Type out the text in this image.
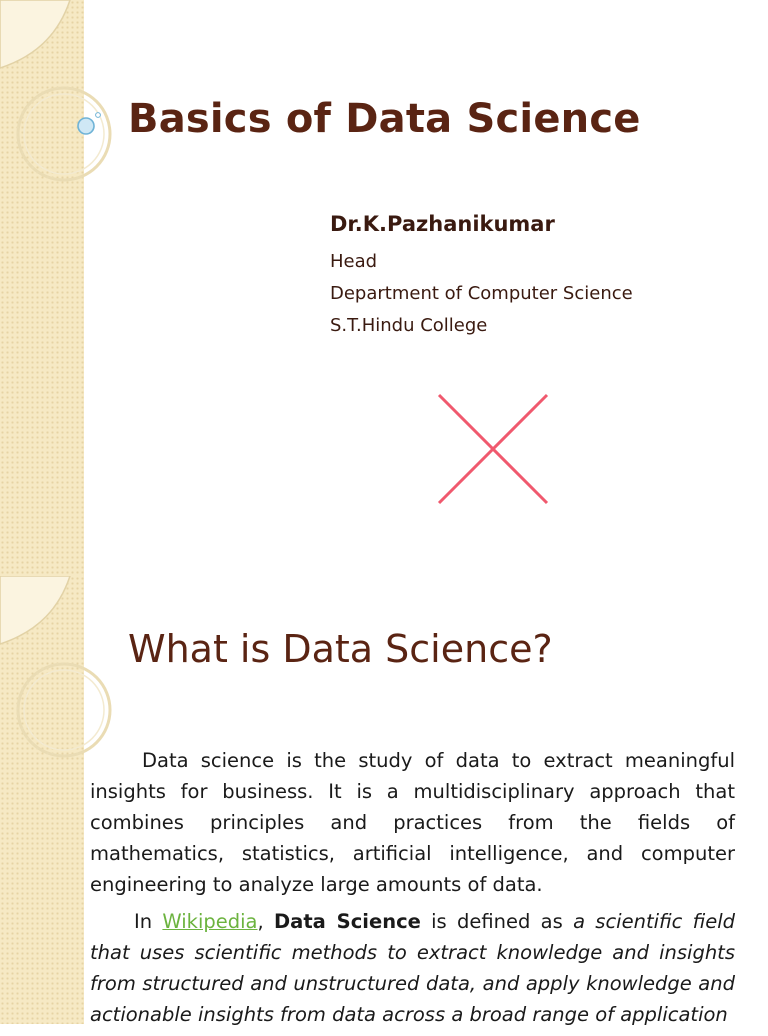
Basics of Data Science
Dr.K.Pazhanikumar
Head
Department of Computer Science
S.T.Hindu College
What is Data Science?

Data science is the study of data to extract meaningful insights for business. It is a multidisciplinary approach that combines principles and practices from the fields of mathematics, statistics, artificial intelligence, and computer engineering to analyze large amounts of data.

In Wikipedia, Data Science is defined as a scientific field that uses scientific methods to extract knowledge and insights from structured and unstructured data, and apply knowledge and actionable insights from data across a broad range of application
